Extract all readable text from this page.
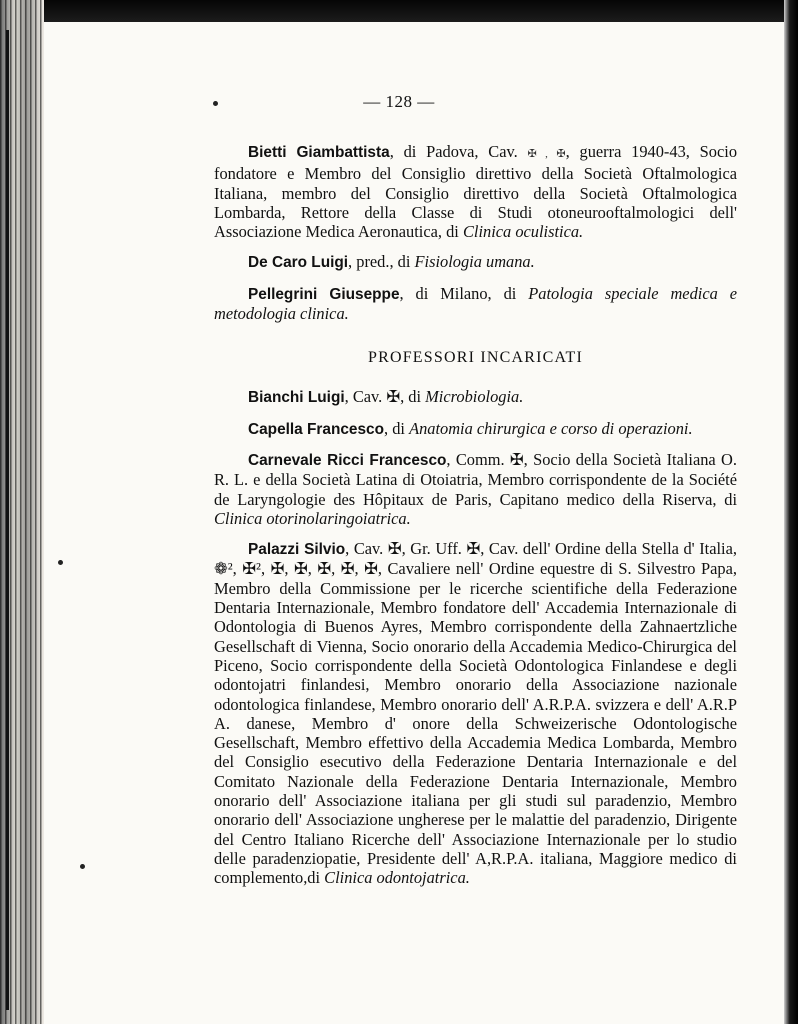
— 128 —

Bietti Giambattista, di Padova, Cav. ✠ , ✠, guerra 1940-43, Socio fondatore e Membro del Consiglio direttivo della Società Oftalmologica Italiana, membro del Consiglio direttivo della Società Oftalmologica Lombarda, Rettore della Classe di Studi otoneurooftalmologici dell' Associazione Medica Aeronautica, di Clinica oculistica.

De Caro Luigi, pred., di Fisiologia umana.

Pellegrini Giuseppe, di Milano, di Patologia speciale medica e metodologia clinica.

PROFESSORI INCARICATI

Bianchi Luigi, Cav. ✠, di Microbiologia.

Capella Francesco, di Anatomia chirurgica e corso di operazioni.

Carnevale Ricci Francesco, Comm. ✠, Socio della Società Italiana O. R. L. e della Società Latina di Otoiatria, Membro corrispondente de la Société de Laryngologie des Hôpitaux de Paris, Capitano medico della Riserva, di Clinica otorinolaringoiatrica.

Palazzi Silvio, Cav. ✠, Gr. Uff. ✠, Cav. dell' Ordine della Stella d' Italia, ❁², ✠², ✠, ✠, ✠, ✠, ✠, Cavaliere nell' Ordine equestre di S. Silvestro Papa, Membro della Commissione per le ricerche scientifiche della Federazione Dentaria Internazionale, Membro fondatore dell' Accademia Internazionale di Odontologia di Buenos Ayres, Membro corrispondente della Zahnaertzliche Gesellschaft di Vienna, Socio onorario della Accademia Medico-Chirurgica del Piceno, Socio corrispondente della Società Odontologica Finlandese e degli odontojatri finlandesi, Membro onorario della Associazione nazionale odontologica finlandese, Membro onorario dell' A.R.P.A. svizzera e dell' A.R.P A. danese, Membro d' onore della Schweizerische Odontologische Gesellschaft, Membro effettivo della Accademia Medica Lombarda, Membro del Consiglio esecutivo della Federazione Dentaria Internazionale e del Comitato Nazionale della Federazione Dentaria Internazionale, Membro onorario dell' Associazione italiana per gli studi sul paradenzio, Membro onorario dell' Associazione ungherese per le malattie del paradenzio, Dirigente del Centro Italiano Ricerche dell' Associazione Internazionale per lo studio delle paradenziopatie, Presidente dell' A,R.P.A. italiana, Maggiore medico di complemento,di Clinica odontojatrica.
